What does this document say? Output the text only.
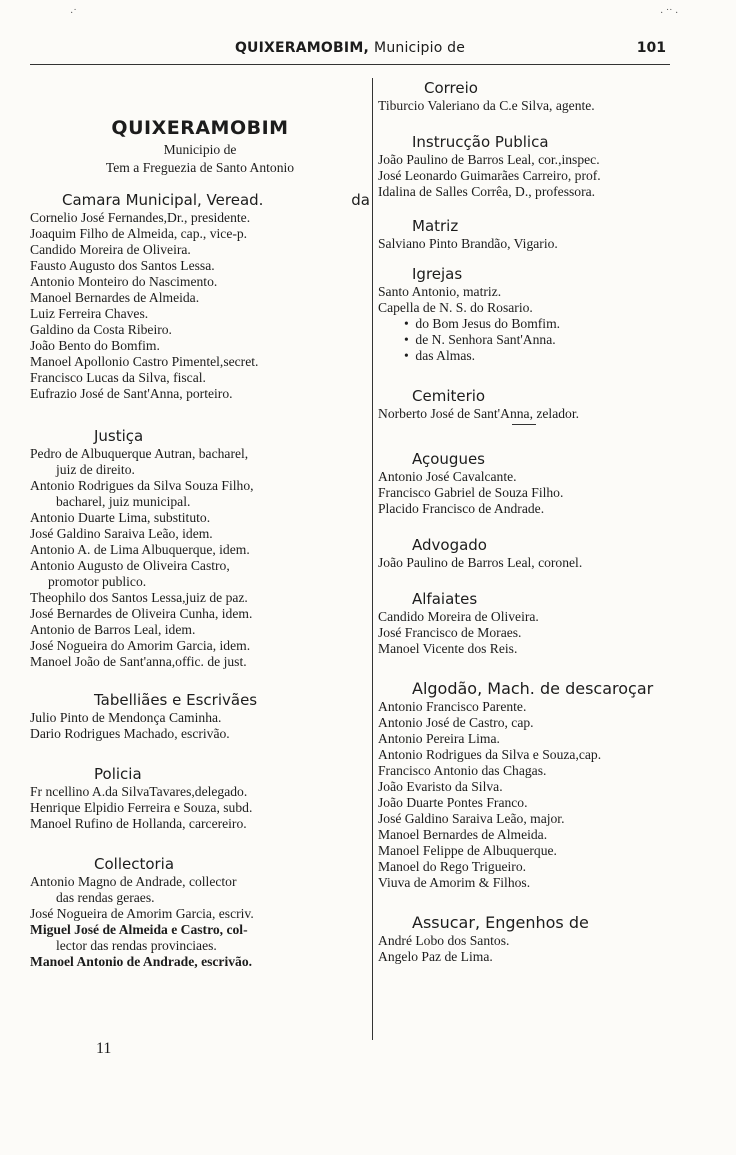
·˙	· ˙˙ ·
QUIXERAMOBIM, Municipio de	101
QUIXERAMOBIM
Municipio de
Tem a Freguezia de Santo Antonio
Camara Municipal, Veread.	da
Cornelio José Fernandes,Dr., presidente.
Joaquim Filho de Almeida, cap., vice-p.
Candido Moreira de Oliveira.
Fausto Augusto dos Santos Lessa.
Antonio Monteiro do Nascimento.
Manoel Bernardes de Almeida.
Luiz Ferreira Chaves.
Galdino da Costa Ribeiro.
João Bento do Bomfim.
Manoel Apollonio Castro Pimentel,secret.
Francisco Lucas da Silva, fiscal.
Eufrazio José de Sant'Anna, porteiro.
Justiça
Pedro de Albuquerque Autran, bacharel,
juiz de direito.
Antonio Rodrigues da Silva Souza Filho,
bacharel, juiz municipal.
Antonio Duarte Lima, substituto.
José Galdino Saraiva Leão, idem.
Antonio A. de Lima Albuquerque, idem.
Antonio Augusto de Oliveira Castro,
promotor publico.
Theophilo dos Santos Lessa,juiz de paz.
José Bernardes de Oliveira Cunha, idem.
Antonio de Barros Leal, idem.
José Nogueira do Amorim Garcia, idem.
Manoel João de Sant'anna,offic. de just.
Tabelliães e Escrivães
Julio Pinto de Mendonça Caminha.
Dario Rodrigues Machado, escrivão.
Policia
Fr ncellino A.da SilvaTavares,delegado.
Henrique Elpidio Ferreira e Souza, subd.
Manoel Rufino de Hollanda, carcereiro.
Collectoria
Antonio Magno de Andrade, collector
das rendas geraes.
José Nogueira de Amorim Garcia, escriv.
Miguel José de Almeida e Castro, col-
lector das rendas provinciaes.
Manoel Antonio de Andrade, escrivão.
11
Correio
Tiburcio Valeriano da C.e Silva, agente.
Instrucção Publica
João Paulino de Barros Leal, cor.,inspec.
José Leonardo Guimarães Carreiro, prof.
Idalina de Salles Corrêa, D., professora.
Matriz
Salviano Pinto Brandão, Vigario.
Igrejas
Santo Antonio, matriz.
Capella de N. S. do Rosario.
• do Bom Jesus do Bomfim.
• de N. Senhora Sant'Anna.
• das Almas.
Cemiterio
Norberto José de Sant'Anna, zelador.
Açougues
Antonio José Cavalcante.
Francisco Gabriel de Souza Filho.
Placido Francisco de Andrade.
Advogado
João Paulino de Barros Leal, coronel.
Alfaiates
Candido Moreira de Oliveira.
José Francisco de Moraes.
Manoel Vicente dos Reis.
Algodão, Mach. de descaroçar
Antonio Francisco Parente.
Antonio José de Castro, cap.
Antonio Pereira Lima.
Antonio Rodrigues da Silva e Souza,cap.
Francisco Antonio das Chagas.
João Evaristo da Silva.
João Duarte Pontes Franco.
José Galdino Saraiva Leão, major.
Manoel Bernardes de Almeida.
Manoel Felippe de Albuquerque.
Manoel do Rego Trigueiro.
Viuva de Amorim & Filhos.
Assucar, Engenhos de
André Lobo dos Santos.
Angelo Paz de Lima.
